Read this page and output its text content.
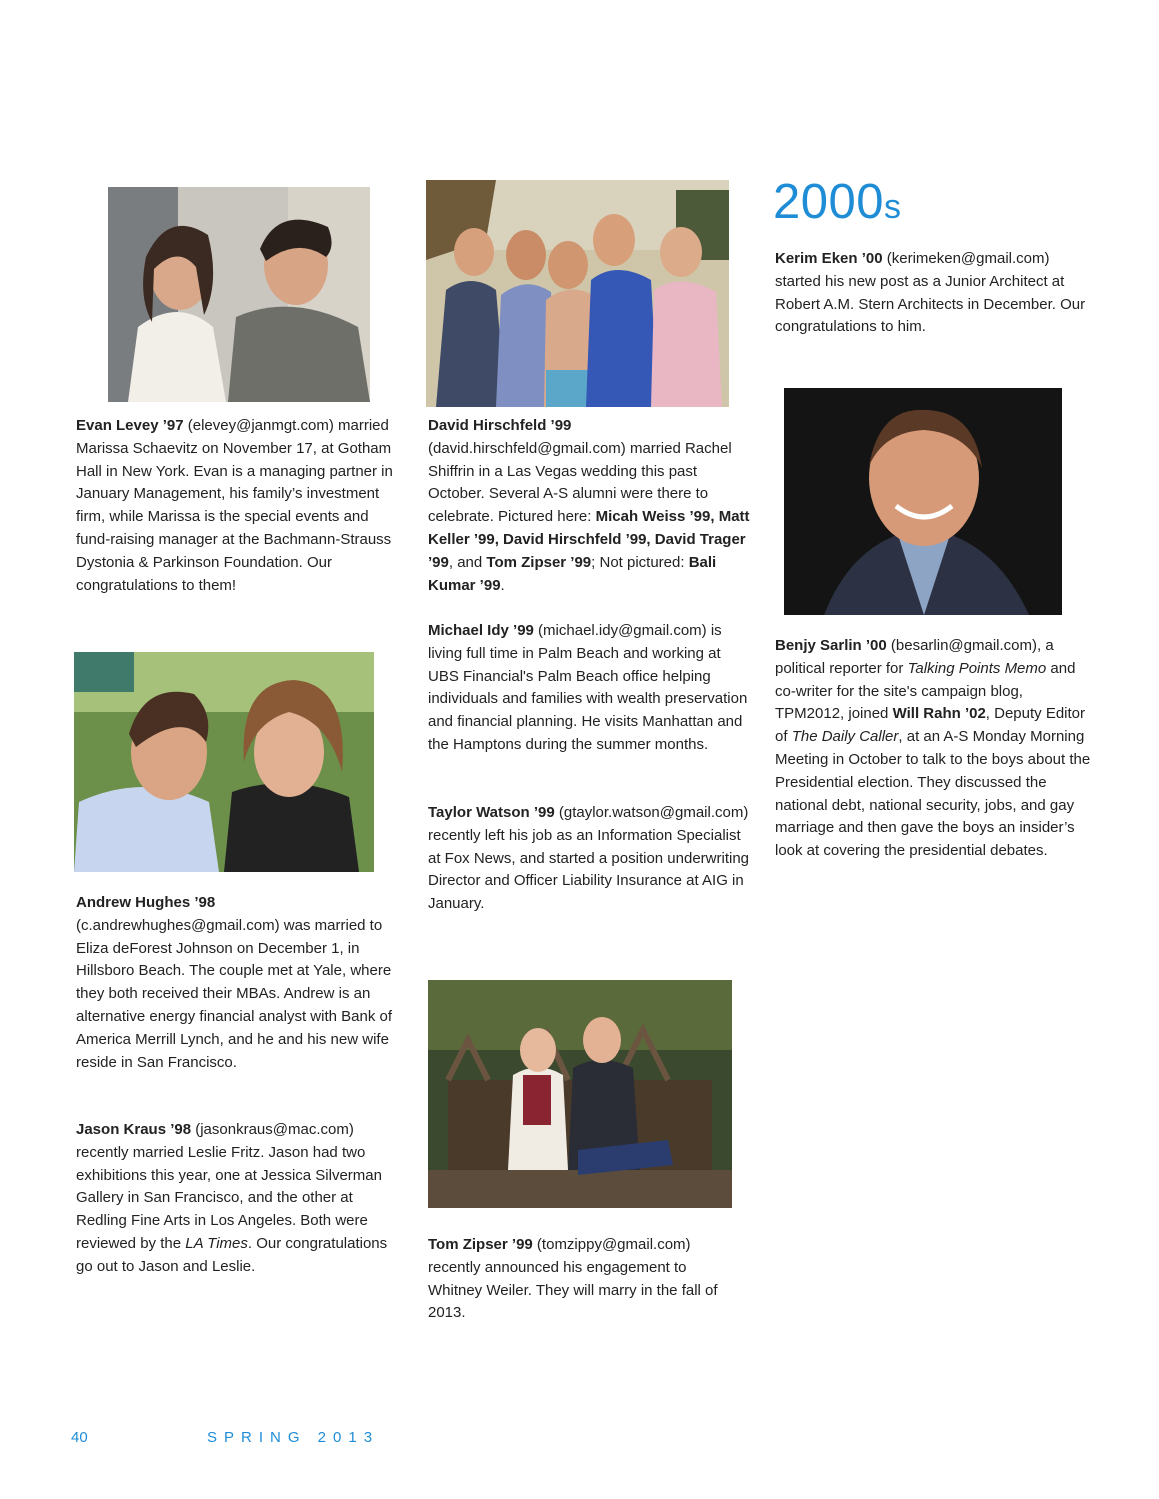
2000s

Evan Levey ’97 (elevey@janmgt.com) married Marissa Schaevitz on November 17, at Gotham Hall in New York. Evan is a managing partner in January Management, his family’s investment firm, while Marissa is the special events and fund-raising manager at the Bachmann-Strauss Dystonia & Parkinson Foundation. Our congratulations to them!

Andrew Hughes ’98 (c.andrewhughes@gmail.com) was married to Eliza deForest Johnson on December 1, in Hillsboro Beach. The couple met at Yale, where they both received their MBAs. Andrew is an alternative energy financial analyst with Bank of America Merrill Lynch, and he and his new wife reside in San Francisco.

Jason Kraus ’98 (jasonkraus@mac.com) recently married Leslie Fritz. Jason had two exhibitions this year, one at Jessica Silverman Gallery in San Francisco, and the other at Redling Fine Arts in Los Angeles. Both were reviewed by the LA Times. Our congratulations go out to Jason and Leslie.

David Hirschfeld ’99 (david.hirschfeld@gmail.com) married Rachel Shiffrin in a Las Vegas wedding this past October. Several A-S alumni were there to celebrate. Pictured here: Micah Weiss ’99, Matt Keller ’99, David Hirschfeld ’99, David Trager ’99, and Tom Zipser ’99; Not pictured: Bali Kumar ’99.

Michael Idy ’99 (michael.idy@gmail.com) is living full time in Palm Beach and working at UBS Financial's Palm Beach office helping individuals and families with wealth preservation and financial planning. He visits Manhattan and the Hamptons during the summer months.

Taylor Watson ’99 (gtaylor.watson@gmail.com) recently left his job as an Information Specialist at Fox News, and started a position underwriting Director and Officer Liability Insurance at AIG in January.

Tom Zipser ’99 (tomzippy@gmail.com) recently announced his engagement to Whitney Weiler. They will marry in the fall of 2013.

Kerim Eken ’00 (kerimeken@gmail.com) started his new post as a Junior Architect at Robert A.M. Stern Architects in December. Our congratulations to him.

Benjy Sarlin ’00 (besarlin@gmail.com), a political reporter for Talking Points Memo and co-writer for the site's campaign blog, TPM2012, joined Will Rahn ’02, Deputy Editor of The Daily Caller, at an A-S Monday Morning Meeting in October to talk to the boys about the Presidential election. They discussed the national debt, national security, jobs, and gay marriage and then gave the boys an insider’s look at covering the presidential debates.

40	SPRING 2013
